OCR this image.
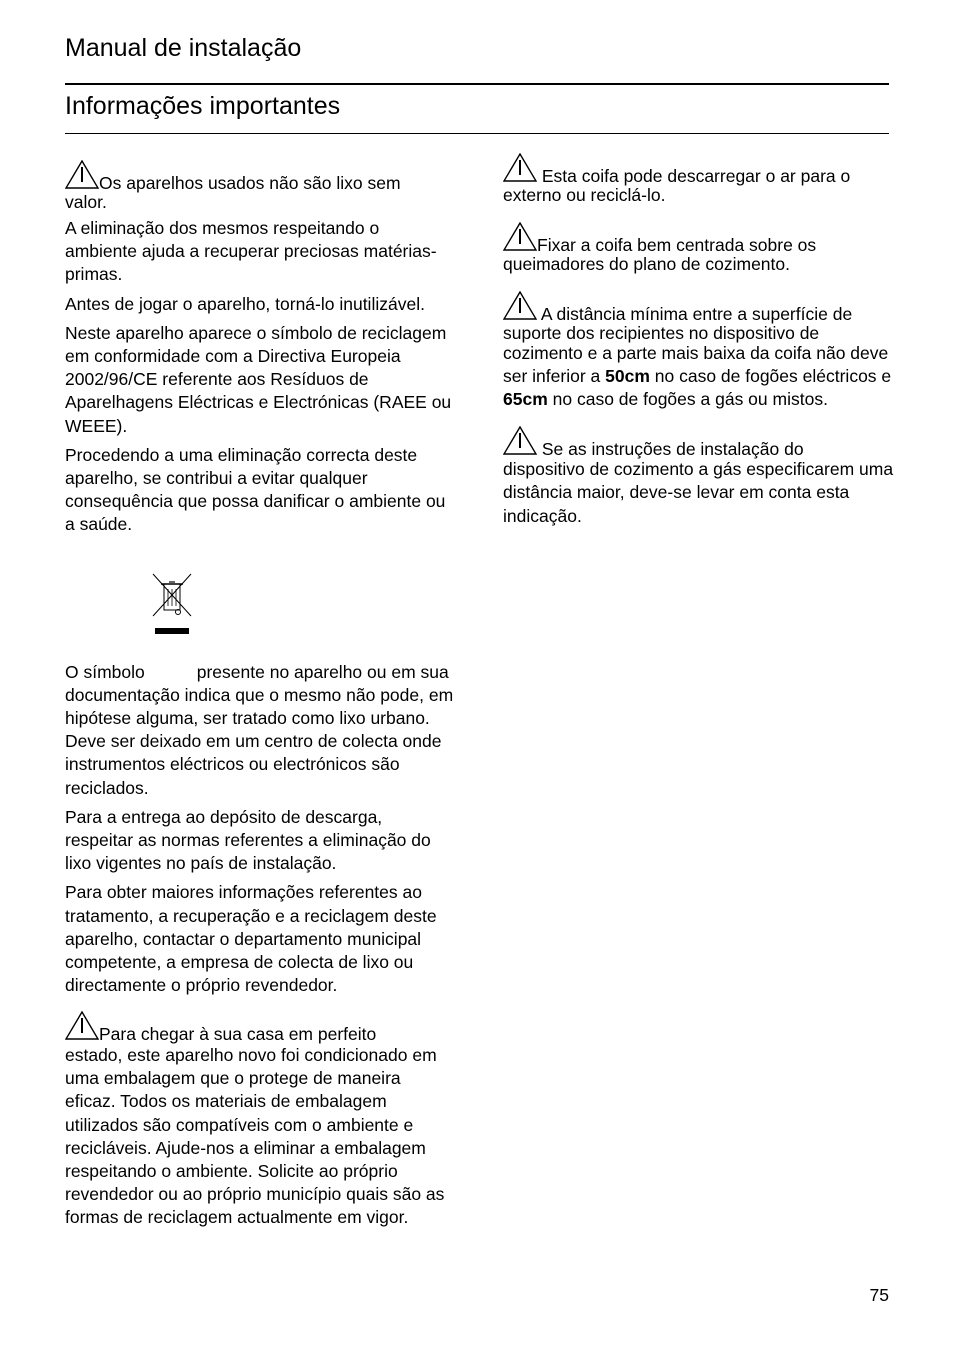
Manual de instalação
Informações importantes

Os aparelhos usados não são lixo sem
valor.

A eliminação dos mesmos respeitando o ambiente ajuda a recuperar preciosas matérias-primas.

Antes de jogar o aparelho, torná-lo inutilizável.

Neste aparelho aparece o símbolo de reciclagem em conformidade com a Directiva Europeia 2002/96/CE referente aos Resíduos de Aparelhagens Eléctricas e Electrónicas (RAEE ou WEEE).

Procedendo a uma eliminação correcta deste aparelho, se contribui a evitar qualquer consequência que possa danificar o ambiente ou a saúde.

O símbolo	presente no aparelho ou em sua documentação indica que o mesmo não pode, em hipótese alguma, ser tratado como lixo urbano. Deve ser deixado em um centro de colecta onde instrumentos eléctricos ou electrónicos são reciclados.

Para a entrega ao depósito de descarga, respeitar as normas referentes a eliminação do lixo vigentes no país de instalação.

Para obter maiores informações referentes ao tratamento, a recuperação e a reciclagem deste aparelho, contactar o departamento municipal competente, a empresa de colecta de lixo ou directamente o próprio revendedor.

Para chegar à sua casa em perfeito

estado, este aparelho novo foi condicionado em uma embalagem que o protege de maneira eficaz. Todos os materiais de embalagem utilizados são compatíveis com o ambiente e recicláveis. Ajude-nos a eliminar a embalagem respeitando o ambiente. Solicite ao próprio revendedor ou ao próprio município quais são as formas de reciclagem actualmente em vigor.

Esta coifa pode descarregar o ar para o
externo ou reciclá-lo.

Fixar a coifa bem centrada sobre os
queimadores do plano de cozimento.

A distância mínima entre a superfície de
suporte dos recipientes no dispositivo de

cozimento e a parte mais baixa da coifa não deve ser inferior a 50cm no caso de fogões eléctricos e 65cm no caso de fogões a gás ou mistos.

Se as instruções de instalação do

dispositivo de cozimento a gás especificarem uma distância maior, deve-se levar em conta esta indicação.

75
